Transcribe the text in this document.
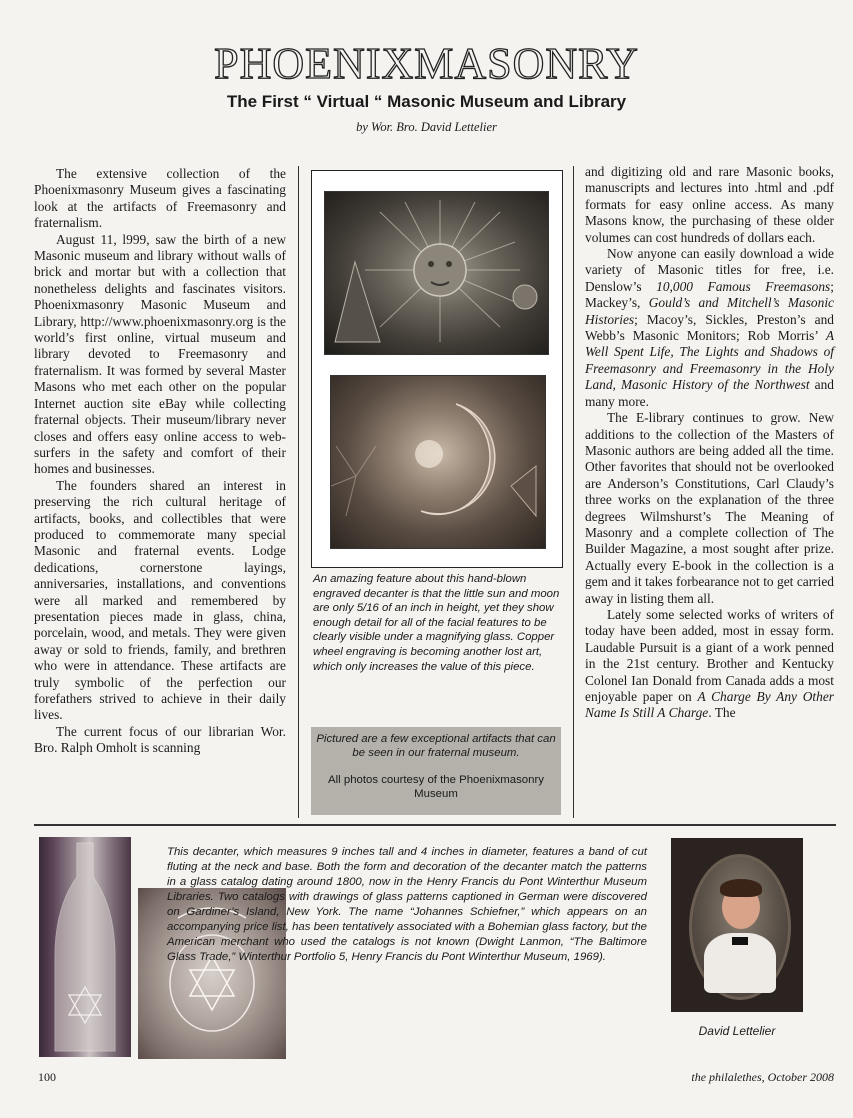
PHOENIXMASONRY
The First “ Virtual “ Masonic Museum and Library
by Wor. Bro. David Lettelier

The extensive collection of the Phoenixmasonry Museum gives a fascinating look at the artifacts of Freemasonry and fraternalism.

August 11, l999, saw the birth of a new Masonic museum and library without walls of brick and mortar but with a collection that nonetheless delights and fascinates visitors. Phoenixmasonry Masonic Museum and Library, http://www.phoenixmasonry.org is the world’s first online, virtual museum and library devoted to Freemasonry and fraternalism. It was formed by several Master Masons who met each other on the popular Internet auction site eBay while collecting fraternal objects. Their museum/library never closes and offers easy online access to web-surfers in the safety and comfort of their homes and businesses.

The founders shared an interest in preserving the rich cultural heritage of artifacts, books, and collectibles that were produced to commemorate many special Masonic and fraternal events. Lodge dedications, cornerstone layings, anniversaries, installations, and conventions were all marked and remembered by presentation pieces made in glass, china, porcelain, wood, and metals. They were given away or sold to friends, family, and brethren who were in attendance. These artifacts are truly symbolic of the perfection our forefathers strived to achieve in their daily lives.

The current focus of our librarian Wor. Bro. Ralph Omholt is scanning

An amazing feature about this hand-blown engraved decanter is that the little sun and moon are only 5/16 of an inch in height, yet they show enough detail for all of the facial features to be clearly visible under a magnifying glass. Copper wheel engraving is becoming another lost art, which only increases the value of this piece.
Pictured are a few exceptional artifacts that can be seen in our fraternal museum.
All photos courtesy of the Phoenixmasonry Museum

and digitizing old and rare Masonic books, manuscripts and lectures into .html and .pdf formats for easy online access. As many Masons know, the purchasing of these older volumes can cost hundreds of dollars each.

Now anyone can easily download a wide variety of Masonic titles for free, i.e. Denslow’s 10,000 Famous Freemasons; Mackey’s, Gould’s and Mitchell’s Masonic Histories; Macoy’s, Sickles, Preston’s and Webb’s Masonic Monitors; Rob Morris’ A Well Spent Life, The Lights and Shadows of Freemasonry and Freemasonry in the Holy Land, Masonic History of the Northwest and many more.

The E-library continues to grow. New additions to the collection of the Masters of Masonic authors are being added all the time. Other favorites that should not be overlooked are Anderson’s Constitutions, Carl Claudy’s three works on the explanation of the three degrees Wilmshurst’s The Meaning of Masonry and a complete collection of The Builder Magazine, a most sought after prize. Actually every E-book in the collection is a gem and it takes forbearance not to get carried away in listing them all.

Lately some selected works of writers of today have been added, most in essay form. Laudable Pursuit is a giant of a work penned in the 21st century. Brother and Kentucky Colonel Ian Donald from Canada adds a most enjoyable paper on A Charge By Any Other Name Is Still A Charge. The

This decanter, which measures 9 inches tall and 4 inches in diameter, features a band of cut fluting at the neck and base. Both the form and decoration of the decanter match the patterns in a glass catalog dating around 1800, now in the Henry Francis du Pont Winterthur Museum Libraries. Two catalogs with drawings of glass patterns captioned in German were discovered on Gardiner’s Island, New York. The name “Johannes Schiefner,” which appears on an accompanying price list, has been tentatively associated with a Bohemian glass factory, but the American merchant who used the catalogs is not known (Dwight Lanmon, “The Baltimore Glass Trade,” Winterthur Portfolio 5, Henry Francis du Pont Winterthur Museum, 1969).
David Lettelier
100	the philalethes, October 2008
